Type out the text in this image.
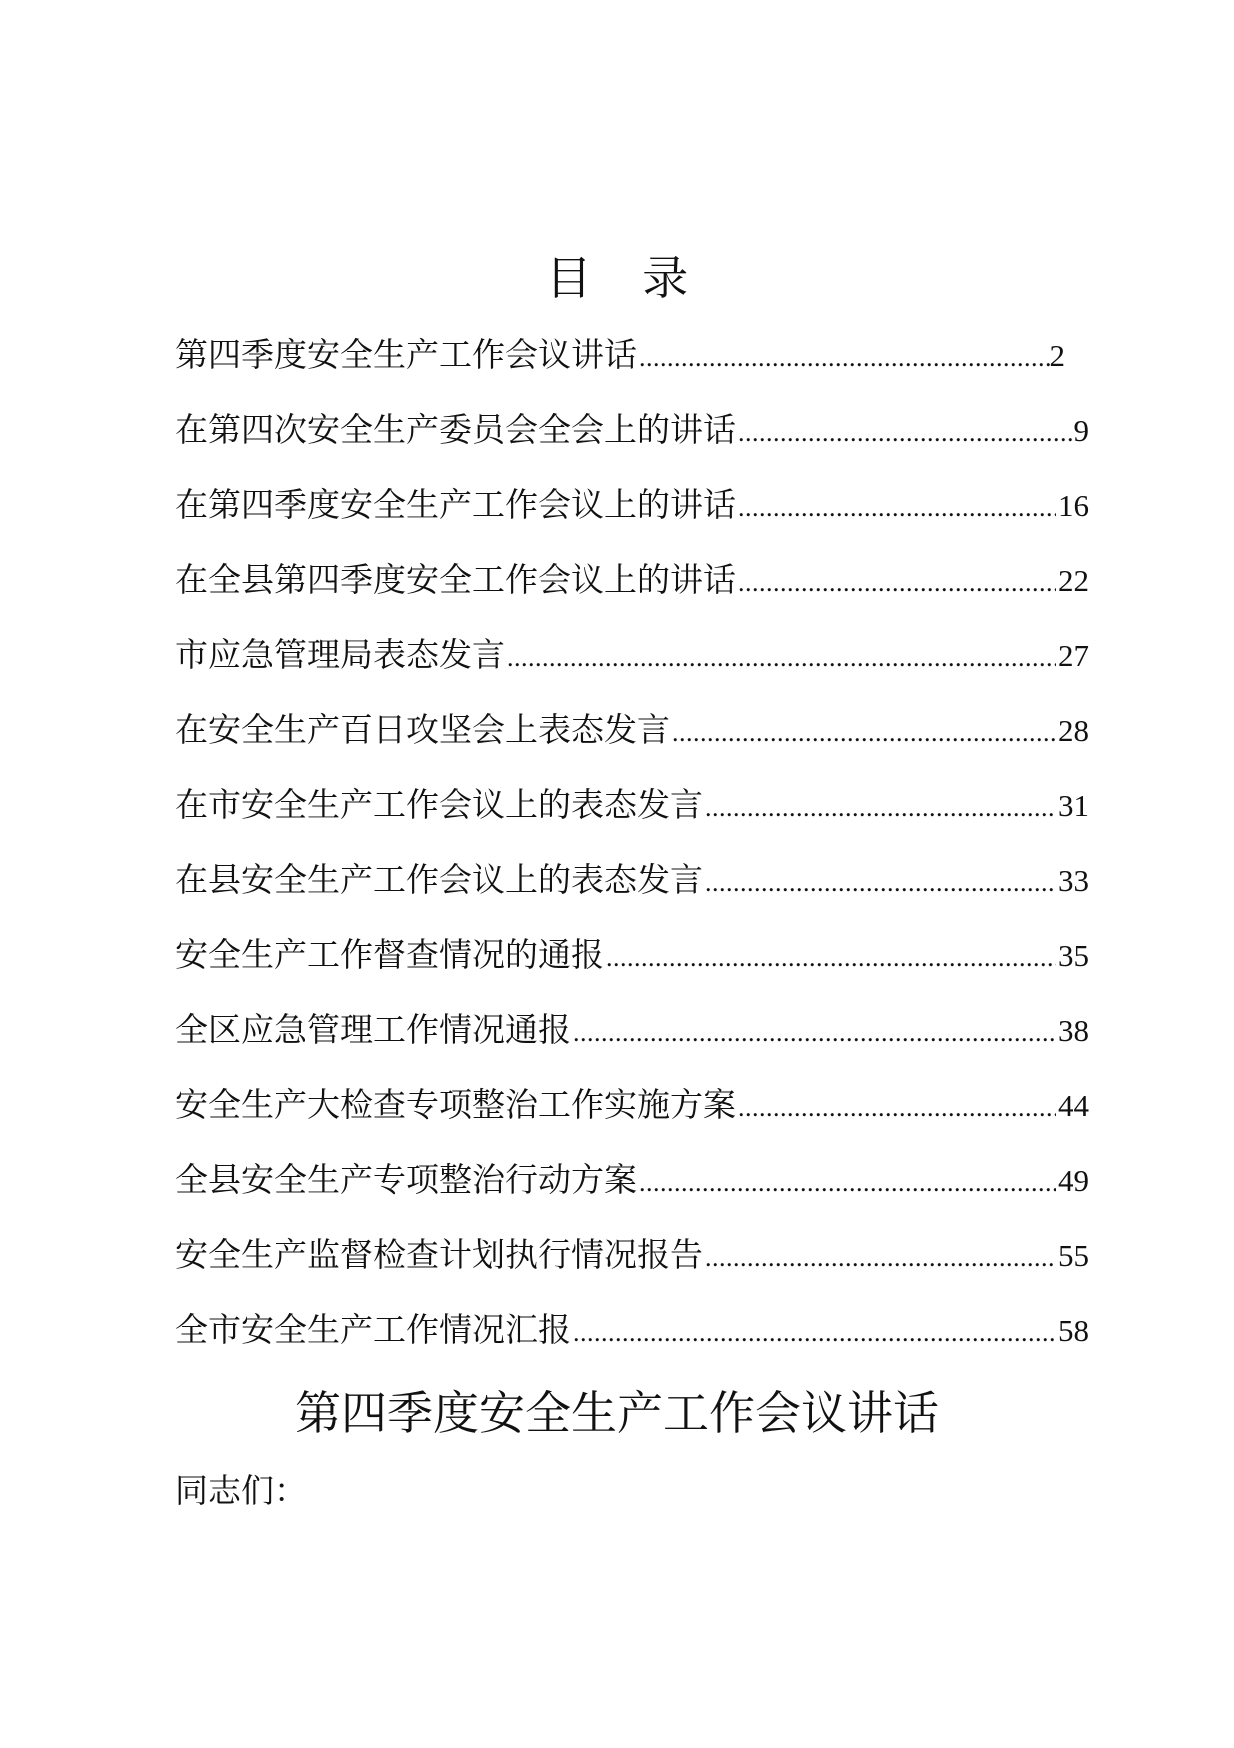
目 录
第四季度安全生产工作会议讲话 .....	2
在第四次安全生产委员会全会上的讲话 .....	9
在第四季度安全生产工作会议上的讲话 .....	16
在全县第四季度安全工作会议上的讲话 .....	22
市应急管理局表态发言 .....	27
在安全生产百日攻坚会上表态发言 .....	28
在市安全生产工作会议上的表态发言 .....	31
在县安全生产工作会议上的表态发言 .....	33
安全生产工作督查情况的通报 .....	35
全区应急管理工作情况通报 .....	38
安全生产大检查专项整治工作实施方案 .....	44
全县安全生产专项整治行动方案 .....	49
安全生产监督检查计划执行情况报告 .....	55
全市安全生产工作情况汇报 .....	58
第四季度安全生产工作会议讲话
同志们：
